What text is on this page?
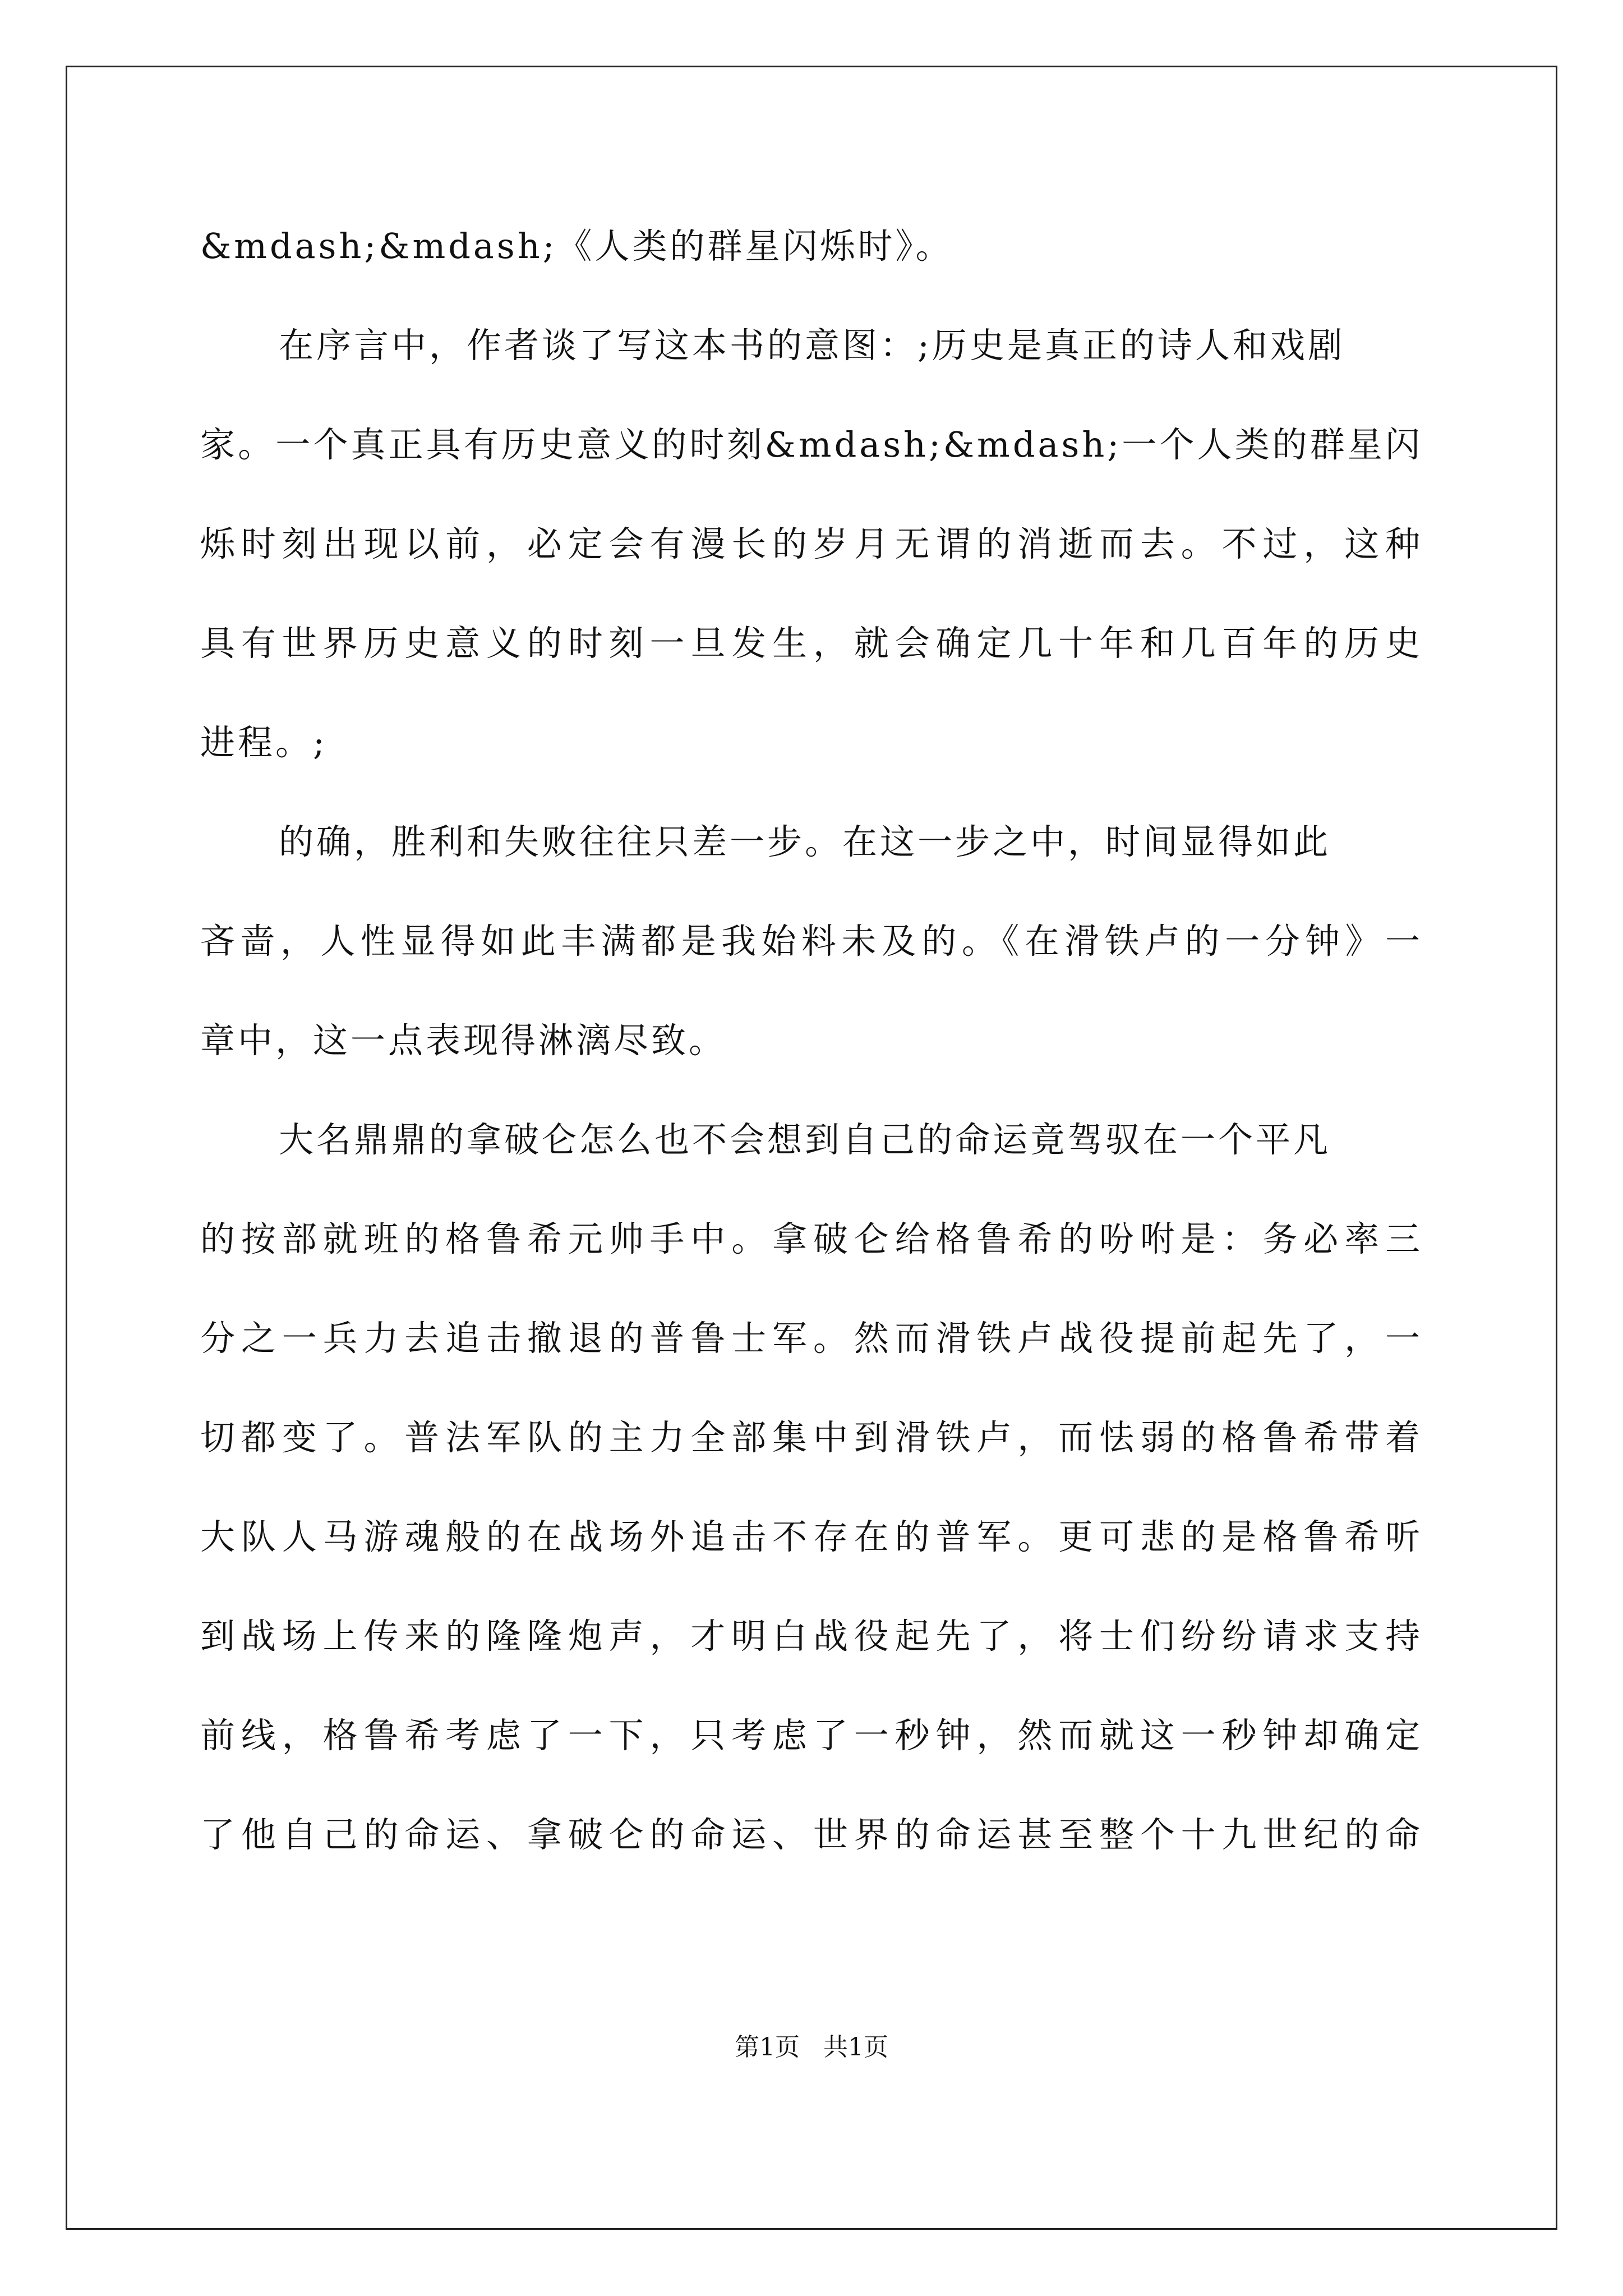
&mdash;&mdash;《人类的群星闪烁时》。
在序言中，作者谈了写这本书的意图：;历史是真正的诗人和戏剧
家。一个真正具有历史意义的时刻&mdash;&mdash;一个人类的群星闪
烁时刻出现以前，必定会有漫长的岁月无谓的消逝而去。不过，这种
具有世界历史意义的时刻一旦发生，就会确定几十年和几百年的历史
进程。;
的确，胜利和失败往往只差一步。在这一步之中，时间显得如此
吝啬，人性显得如此丰满都是我始料未及的。《在滑铁卢的一分钟》一
章中，这一点表现得淋漓尽致。
大名鼎鼎的拿破仑怎么也不会想到自己的命运竟驾驭在一个平凡
的按部就班的格鲁希元帅手中。拿破仑给格鲁希的吩咐是：务必率三
分之一兵力去追击撤退的普鲁士军。然而滑铁卢战役提前起先了，一
切都变了。普法军队的主力全部集中到滑铁卢，而怯弱的格鲁希带着
大队人马游魂般的在战场外追击不存在的普军。更可悲的是格鲁希听
到战场上传来的隆隆炮声，才明白战役起先了，将士们纷纷请求支持
前线，格鲁希考虑了一下，只考虑了一秒钟，然而就这一秒钟却确定
了他自己的命运、拿破仑的命运、世界的命运甚至整个十九世纪的命
第1页   共1页
